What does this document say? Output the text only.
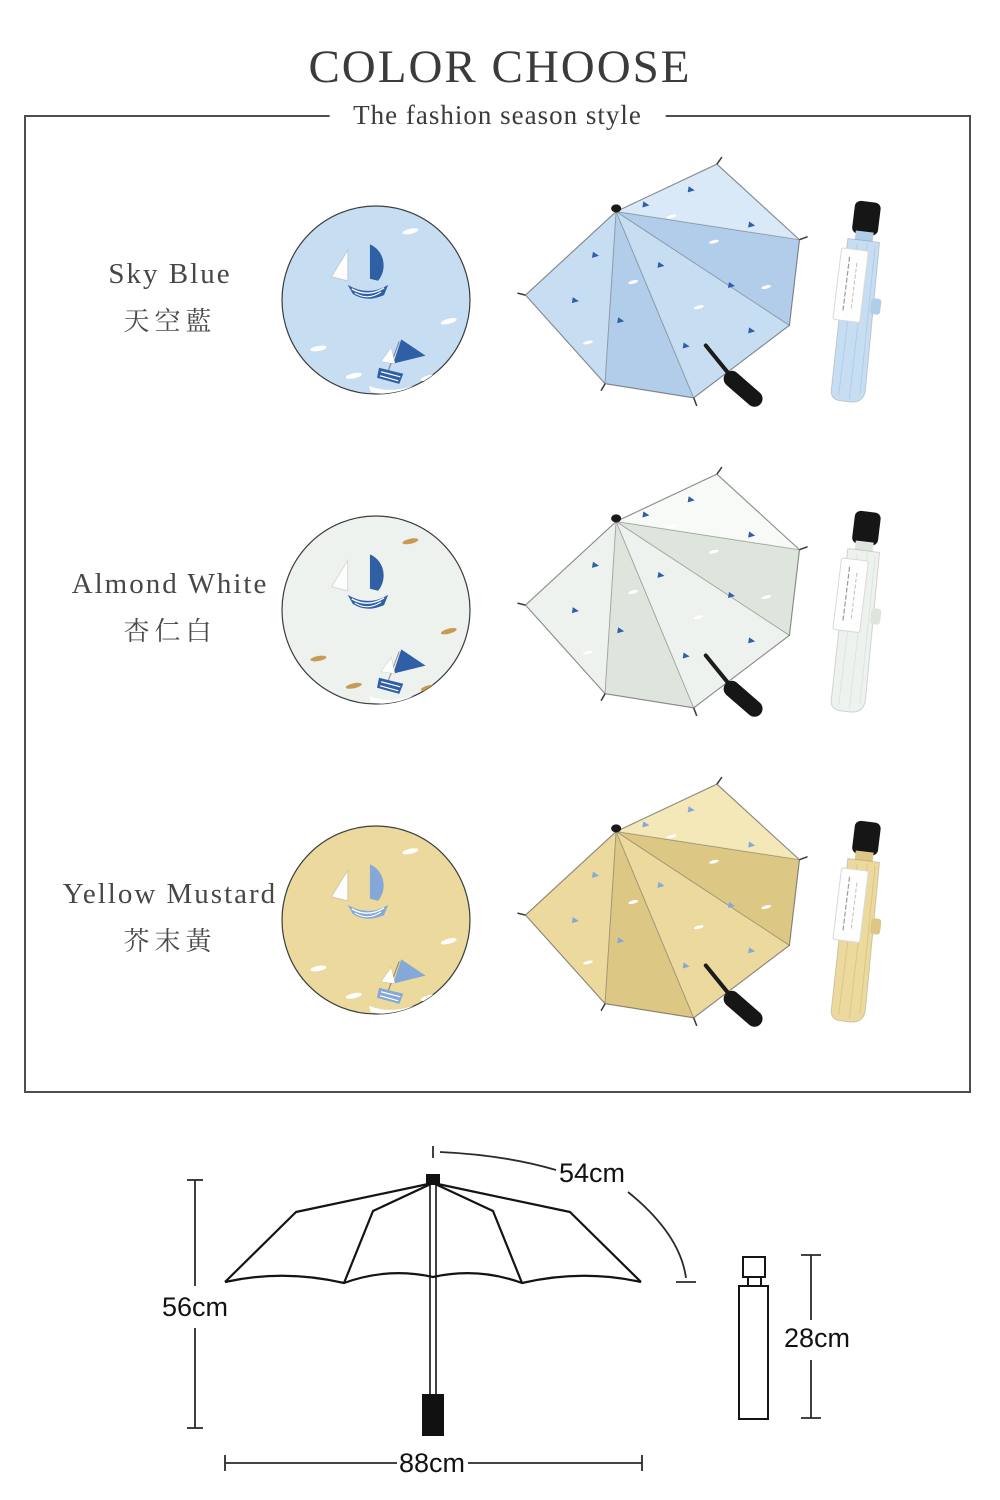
COLOR CHOOSE
The fashion season style
Sky Blue
天空藍
Almond White
杏仁白
Yellow Mustard
芥末黃
56cm
54cm
88cm
28cm
